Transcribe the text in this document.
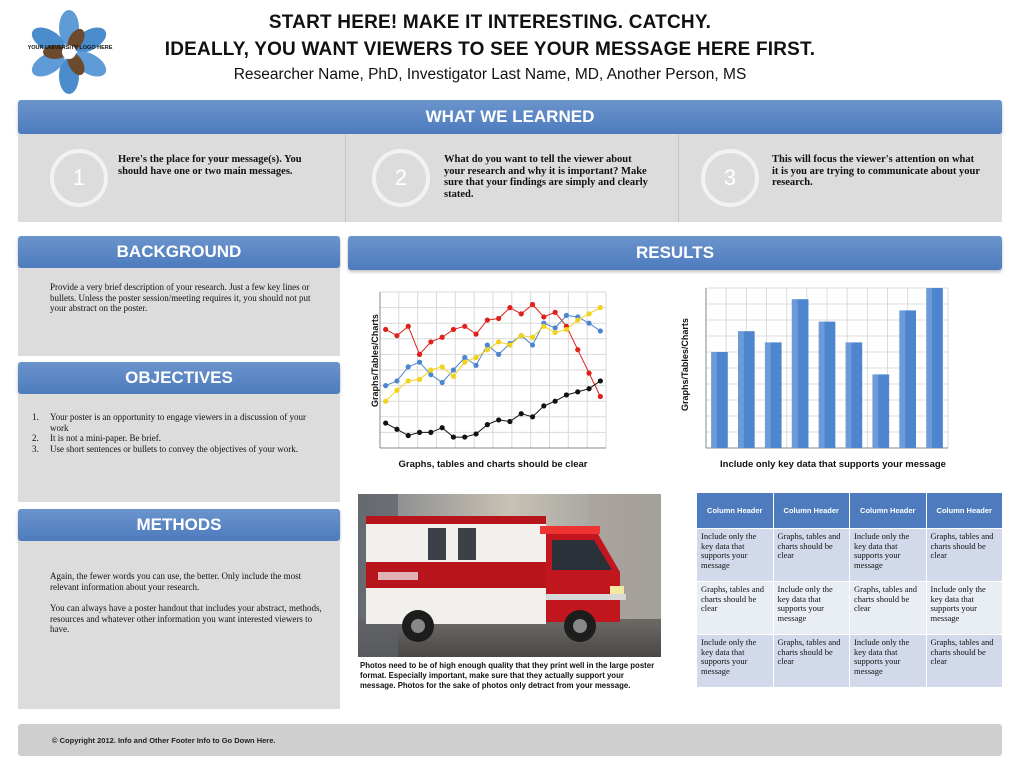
YOUR UNIVERSITY LOGO HERE
START HERE! MAKE IT INTERESTING. CATCHY.
IDEALLY, YOU WANT VIEWERS TO SEE YOUR MESSAGE HERE FIRST.
Researcher Name, PhD, Investigator Last Name, MD, Another Person, MS
WHAT WE LEARNED
1
Here's the place for your message(s). You should have one or two main messages.	2
What do you want to tell the viewer about your research and why it is important? Make sure that your findings are simply and clearly stated.
3
This will focus the viewer's attention on what it is you are trying to communicate about your research.
BACKGROUND
Provide a very brief description of your research. Just a few key lines or bullets. Unless the poster session/meeting requires it, you should not put your abstract on the poster.
OBJECTIVES
1.	Your poster is an opportunity to engage viewers in a discussion of your work
2.	It is not a mini-paper. Be brief.
3.	Use short sentences or bullets to convey the objectives of your work.
METHODS
Again, the fewer words you can use, the better. Only include the most relevant information about your research.
You can always have a poster handout that includes your abstract, methods, resources and whatever other information you want interested viewers to have.
RESULTS
Graphs/Tables/Charts
Graphs, tables and charts should be clear
Graphs/Tables/Charts
Include only key data that supports your message
Photos need to be of high enough quality that they print well in the large poster format. Especially important, make sure that they actually support your message. Photos for the sake of photos only detract from your message.
Column Header	Column Header	Column Header	Column Header
Include only the key data that supports your message	Graphs, tables and charts should be clear	Include only the key data that supports your message	Graphs, tables and charts should be clear
Graphs, tables and charts should be clear	Include only the key data that supports your message	Graphs, tables and charts should be clear	Include only the key data that supports your message
Include only the key data that supports your message	Graphs, tables and charts should be clear	Include only the key data that supports your message	Graphs, tables and charts should be clear
© Copyright 2012. Info and Other Footer Info to Go Down Here.
